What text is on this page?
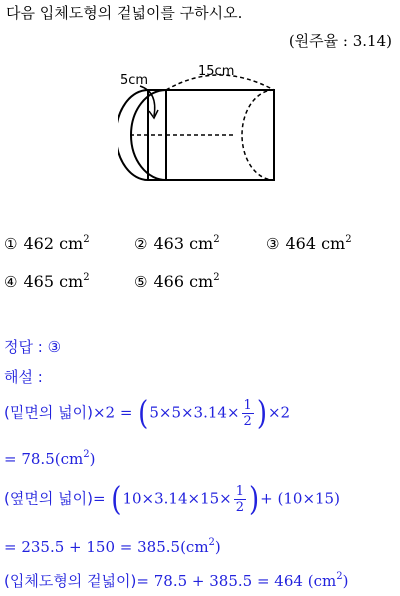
다음 입체도형의 겉넓이를 구하시오.
(원주율 : 3.14)
5cm
15cm
① 462 $cm^2$	② 463 $cm^2$	③ 464 $cm^2$
④ 465 $cm^2$	⑤ 466 $cm^2$
정답 : ③
해설 :
(밑면의 넓이)$\times 2 = (5\times 5\times 3.14\times \frac{1}{2} )\times 2$
= $78.5(cm^2)$
(옆면의 넓이)= ($10\times 3.14\times 15\times \frac{1}{2}$ )+ (10×15)
= $235.5 + 150 = 385.5(cm^2)$
(입체도형의 겉넓이)= 78.5 + 385.5 = 464 $(cm^2)$
